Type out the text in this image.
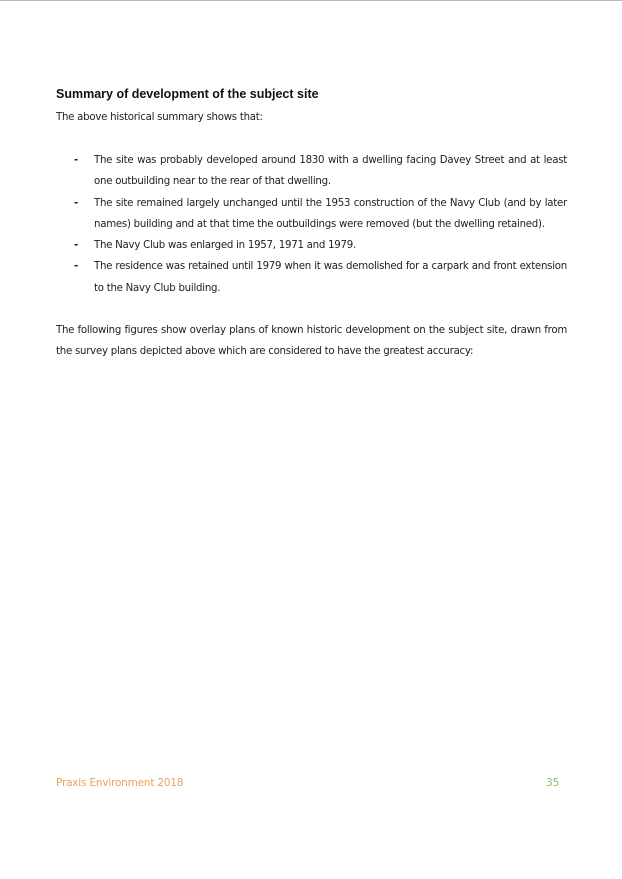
Summary of development of the subject site
The above historical summary shows that:
- The site was probably developed around 1830 with a dwelling facing Davey Street and at least one outbuilding near to the rear of that dwelling.
- The site remained largely unchanged until the 1953 construction of the Navy Club (and by later names) building and at that time the outbuildings were removed (but the dwelling retained).
- The Navy Club was enlarged in 1957, 1971 and 1979.
- The residence was retained until 1979 when it was demolished for a carpark and front extension to the Navy Club building.
The following figures show overlay plans of known historic development on the subject site, drawn from the survey plans depicted above which are considered to have the greatest accuracy:
Praxis Environment 2018	35
